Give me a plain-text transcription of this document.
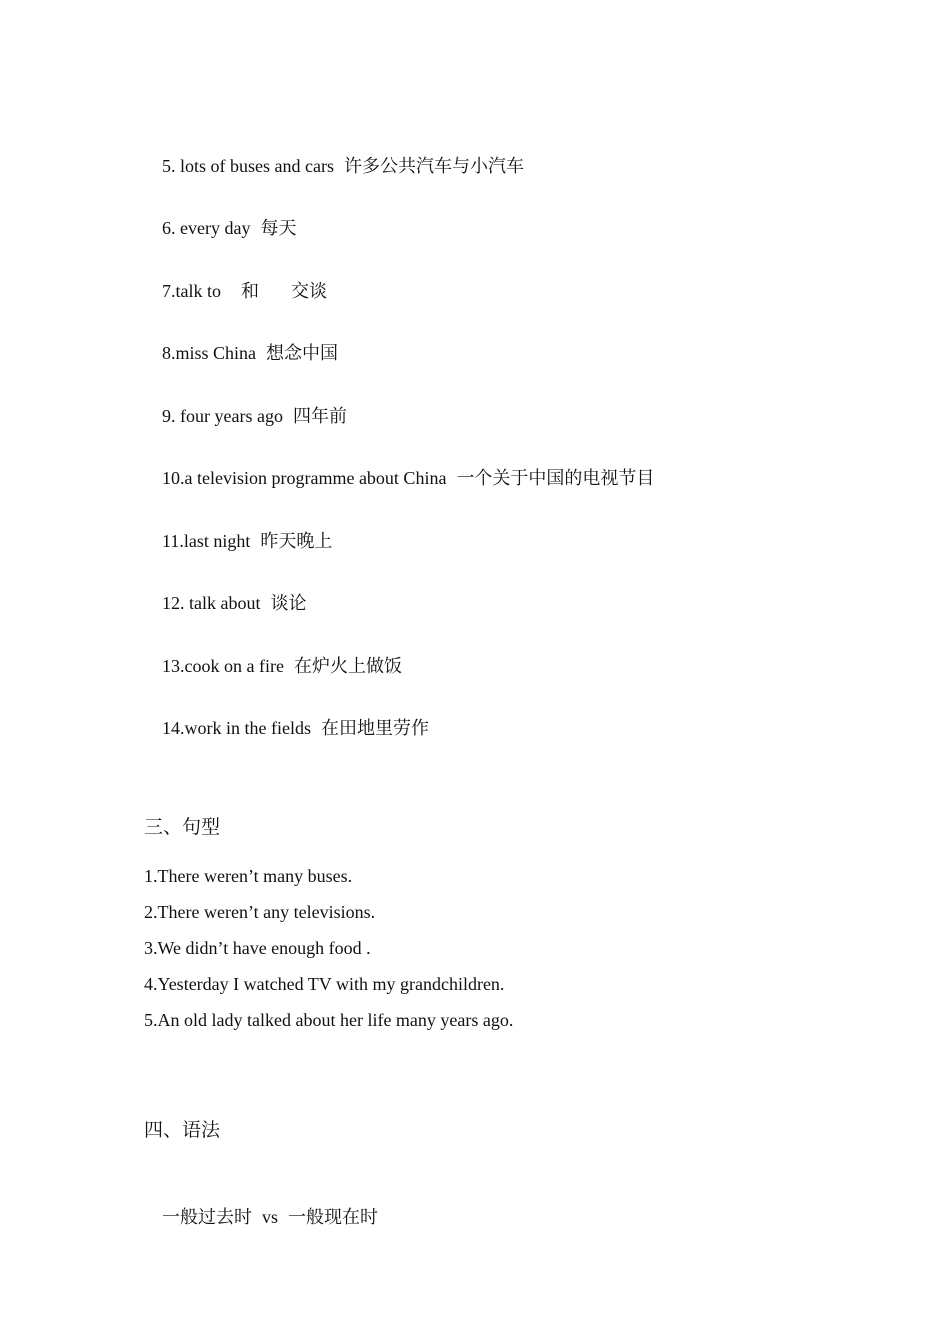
5. lots of buses and cars 许多公共汽车与小汽车

6. every day 每天

7.talk to 和 交谈

8.miss China 想念中国

9. four years ago 四年前

10.a television programme about China 一个关于中国的电视节目

11.last night 昨天晚上

12. talk about 谈论

13.cook on a fire 在炉火上做饭

14.work in the fields 在田地里劳作

三、句型
1.There weren’t many buses.
2.There weren’t any televisions.
3.We didn’t have enough food .
4.Yesterday I watched TV with my grandchildren.
5.An old lady talked about her life many years ago.
四、语法

一般过去时 vs 一般现在时
